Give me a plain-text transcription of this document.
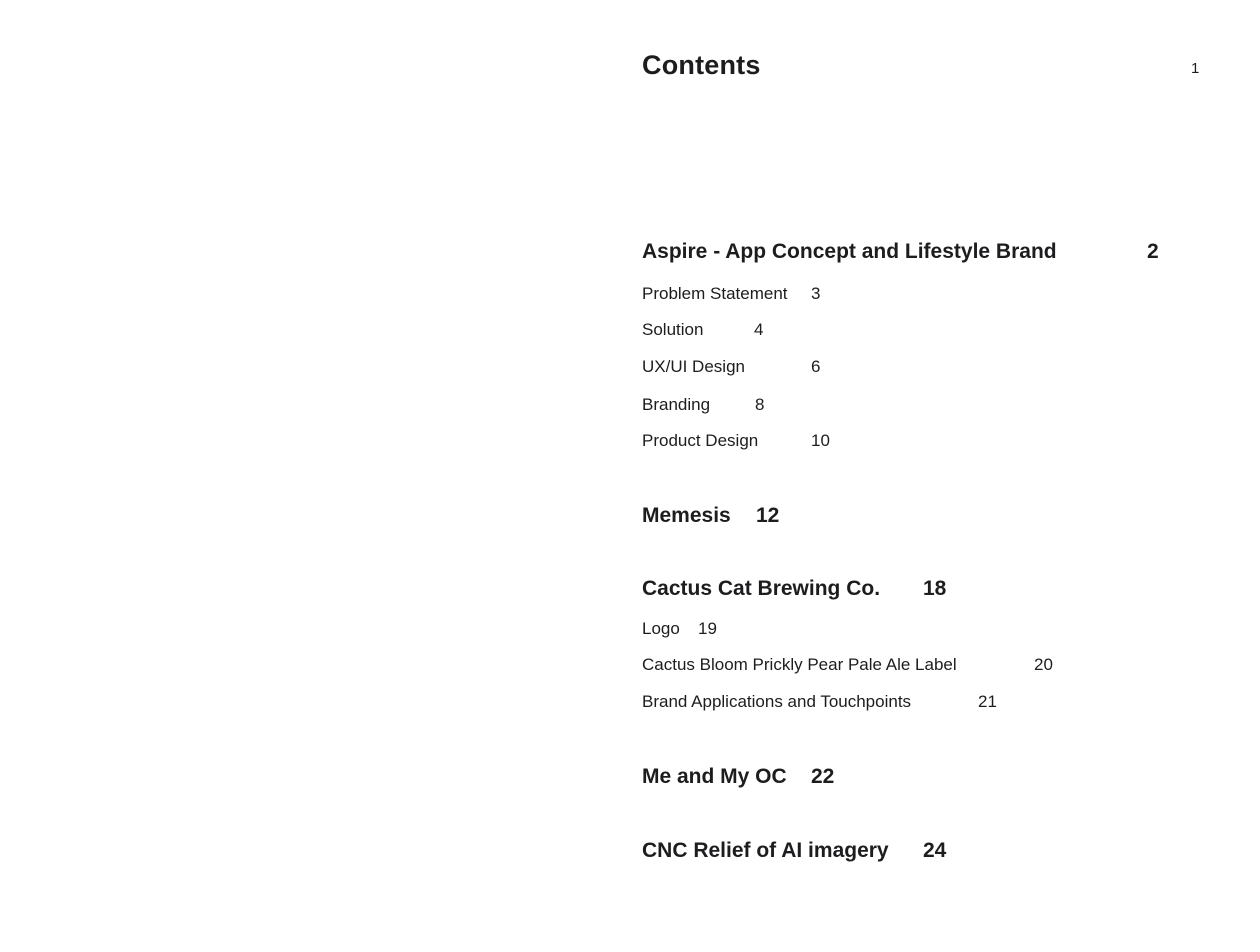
Contents	1
Aspire - App Concept and Lifestyle Brand	2
Problem Statement 3
Solution	4
UX/UI Design	6
Branding	8
Product Design	10
Memesis 12
Cactus Cat Brewing Co. 18
Logo 19
Cactus Bloom Prickly Pear Pale Ale Label	20
Brand Applications and Touchpoints	21
Me and My OC 22
CNC Relief of AI imagery 24
